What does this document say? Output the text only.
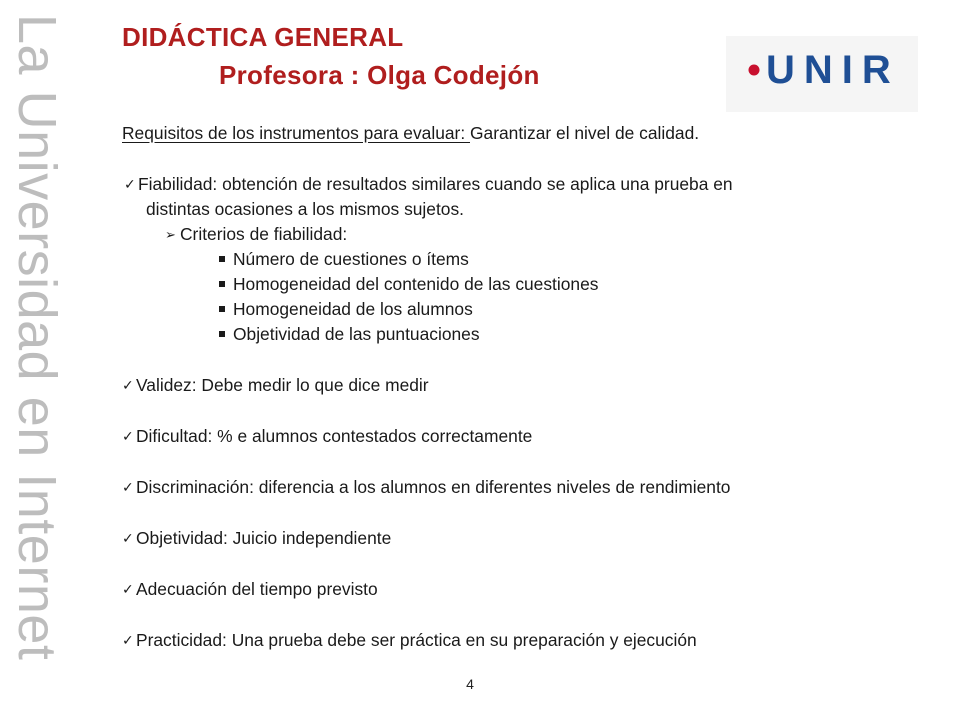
La Universidad en Internet DIDÁCTICA GENERAL
Profesora : Olga Codejón	UNIR
Requisitos de los instrumentos para evaluar: Garantizar el nivel de calidad.
✓ Fiabilidad: obtención de resultados similares cuando se aplica una prueba en
distintas ocasiones a los mismos sujetos.
➢ Criterios de fiabilidad:
Número de cuestiones o ítems
Homogeneidad del contenido de las cuestiones
Homogeneidad de los alumnos
Objetividad de las puntuaciones
✓ Validez: Debe medir lo que dice medir
✓ Dificultad: % e alumnos contestados correctamente
✓ Discriminación: diferencia a los alumnos en diferentes niveles de rendimiento
✓ Objetividad: Juicio independiente
✓ Adecuación del tiempo previsto
✓ Practicidad: Una prueba debe ser práctica en su preparación y ejecución
4
